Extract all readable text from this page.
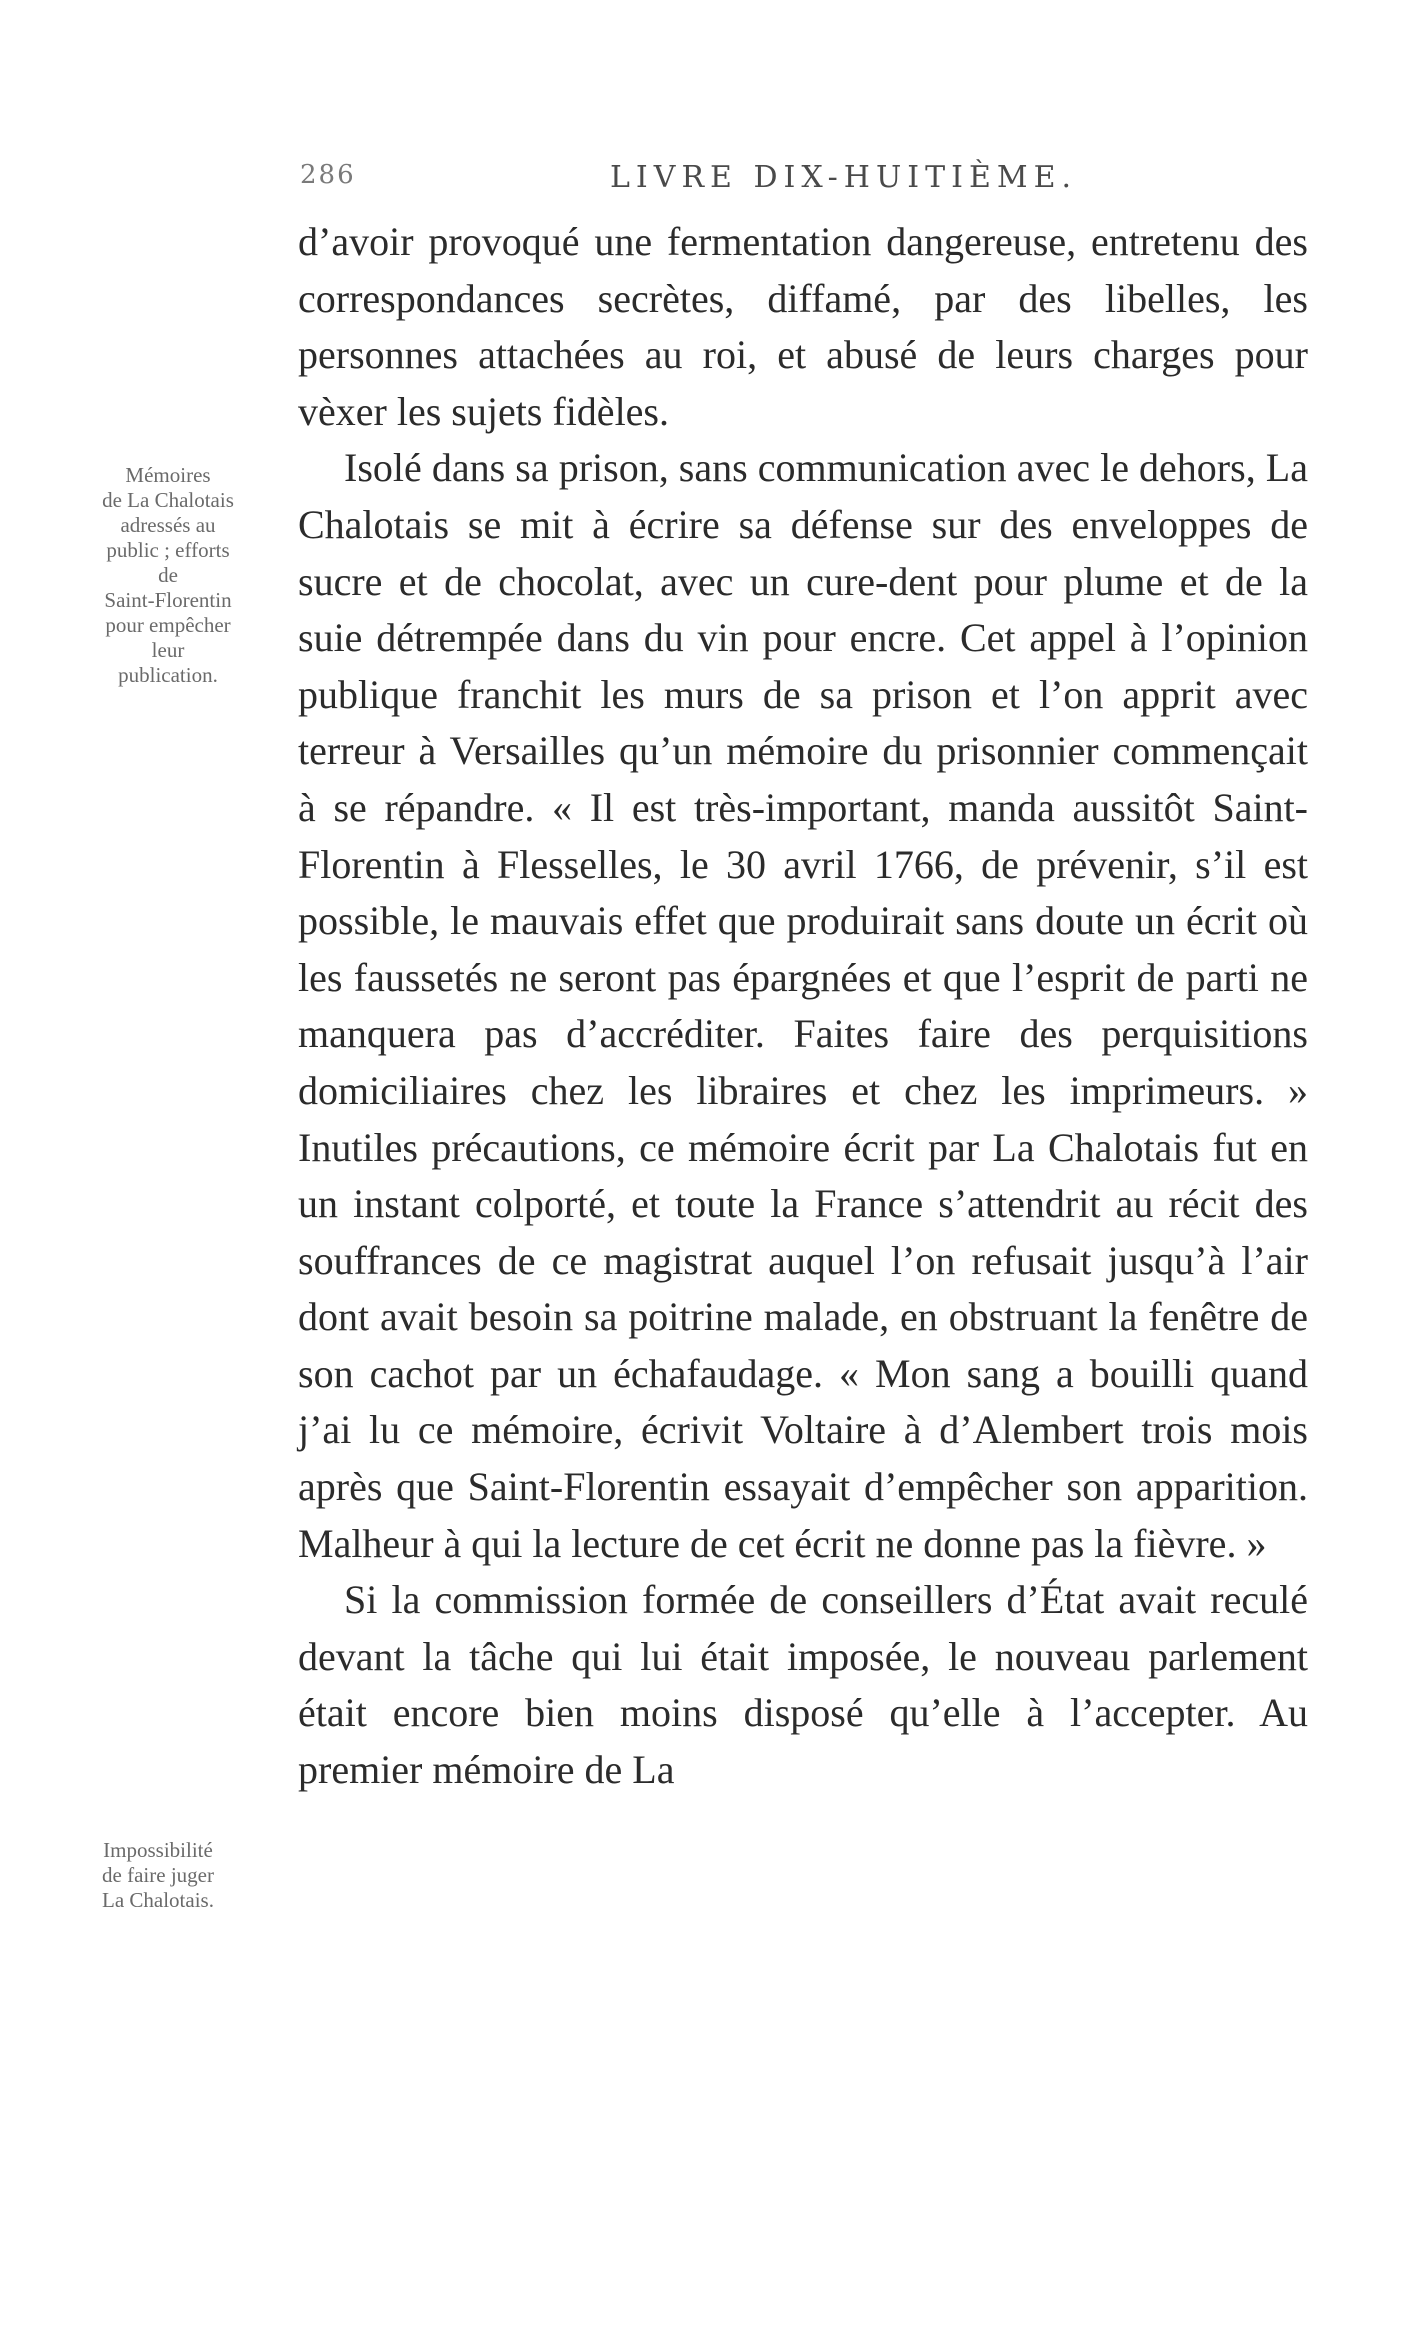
286	LIVRE DIX-HUITIÈME.
Mémoires
de La Chalotais
adressés au
public ; efforts
de
Saint-Florentin
pour empêcher
leur
publication.
Impossibilité
de faire juger
La Chalotais.

d’avoir provoqué une fermentation dangereuse, entretenu des correspondances secrètes, diffamé, par des libelles, les personnes attachées au roi, et abusé de leurs charges pour vèxer les sujets fidèles.

Isolé dans sa prison, sans communication avec le dehors, La Chalotais se mit à écrire sa défense sur des enveloppes de sucre et de chocolat, avec un cure-dent pour plume et de la suie détrempée dans du vin pour encre. Cet appel à l’opinion publique franchit les murs de sa prison et l’on apprit avec terreur à Versailles qu’un mémoire du prisonnier commençait à se répandre. « Il est très-important, manda aussitôt Saint-Florentin à Flesselles, le 30 avril 1766, de prévenir, s’il est possible, le mauvais effet que produirait sans doute un écrit où les faussetés ne seront pas épargnées et que l’esprit de parti ne manquera pas d’accréditer. Faites faire des perquisitions domiciliaires chez les libraires et chez les imprimeurs. » Inutiles précautions, ce mémoire écrit par La Chalotais fut en un instant colporté, et toute la France s’attendrit au récit des souffrances de ce magistrat auquel l’on refusait jusqu’à l’air dont avait besoin sa poitrine malade, en obstruant la fenêtre de son cachot par un échafaudage. « Mon sang a bouilli quand j’ai lu ce mémoire, écrivit Voltaire à d’Alembert trois mois après que Saint-Florentin essayait d’empêcher son apparition. Malheur à qui la lecture de cet écrit ne donne pas la fièvre. »

Si la commission formée de conseillers d’État avait reculé devant la tâche qui lui était imposée, le nouveau parlement était encore bien moins disposé qu’elle à l’accepter. Au premier mémoire de La
